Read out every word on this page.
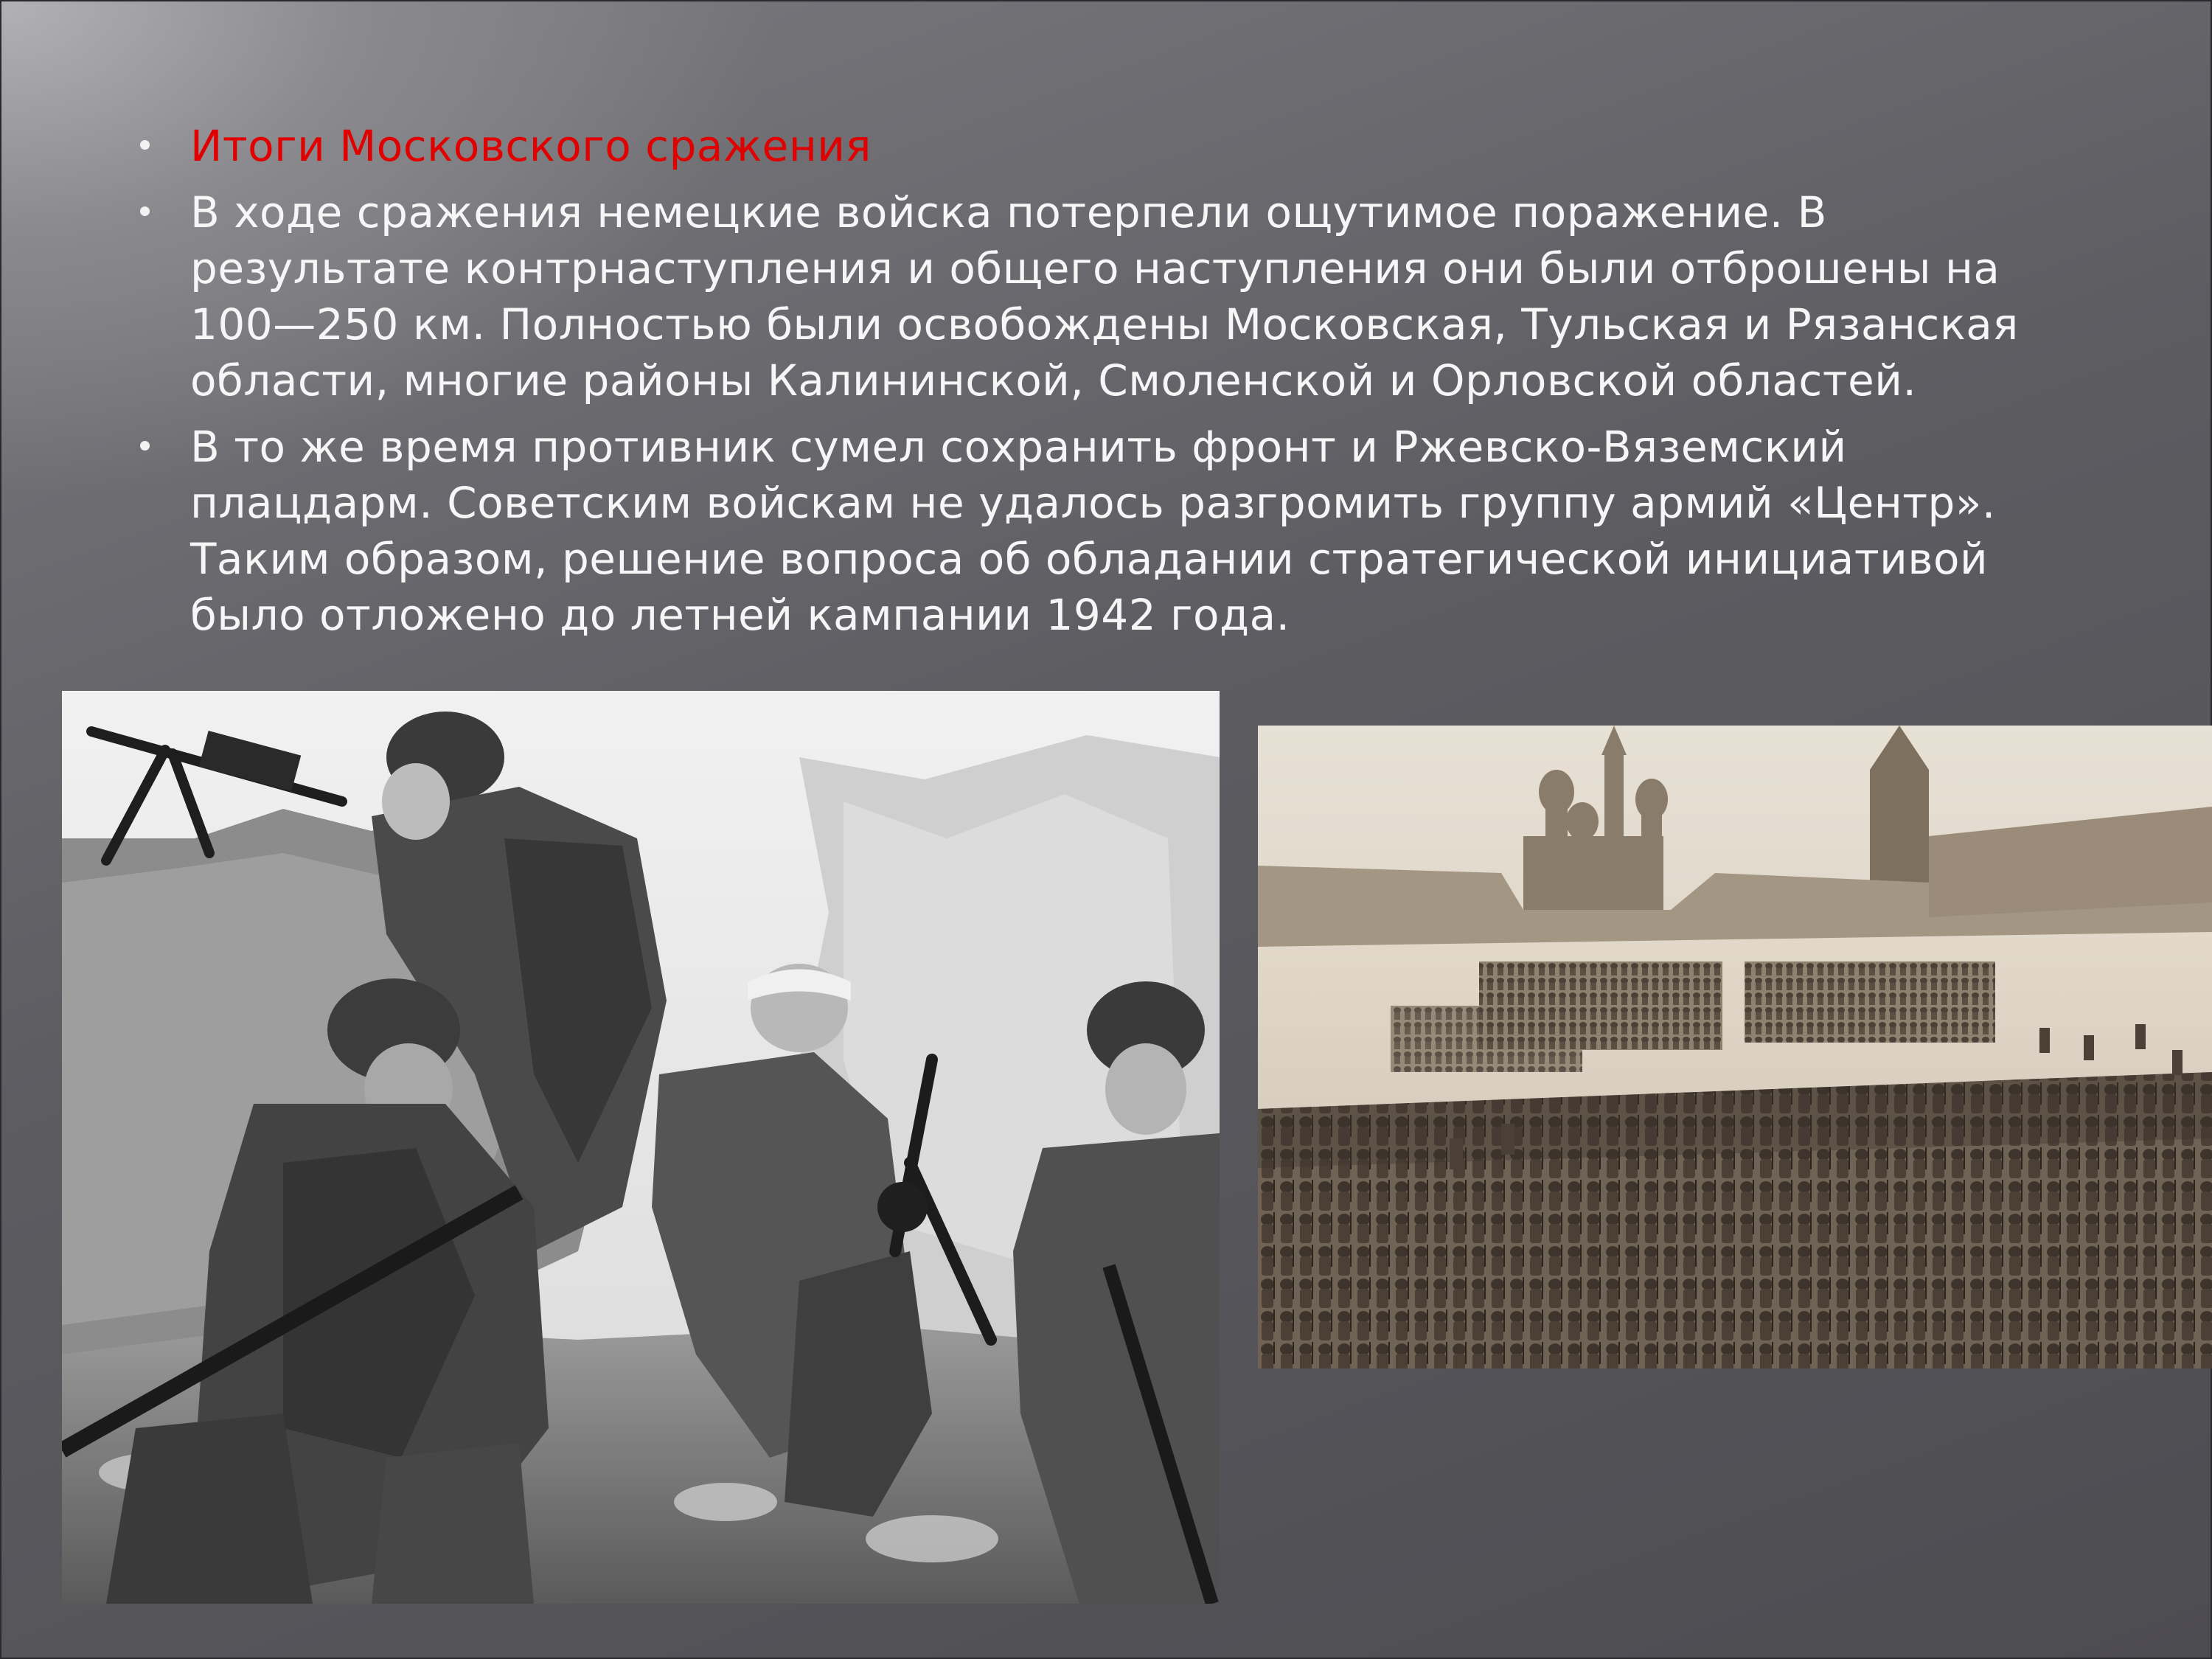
Итоги Московского сражения
В ходе сражения немецкие войска потерпели ощутимое поражение. В результате контрнаступления и общего наступления они были отброшены на 100—250 км. Полностью были освобождены Московская, Тульская и Рязанская области, многие районы Калининской, Смоленской и Орловской областей.
В то же время противник сумел сохранить фронт и Ржевско-Вяземский плацдарм. Советским войскам не удалось разгромить группу армий «Центр». Таким образом, решение вопроса об обладании стратегической инициативой было отложено до летней кампании 1942 года.
